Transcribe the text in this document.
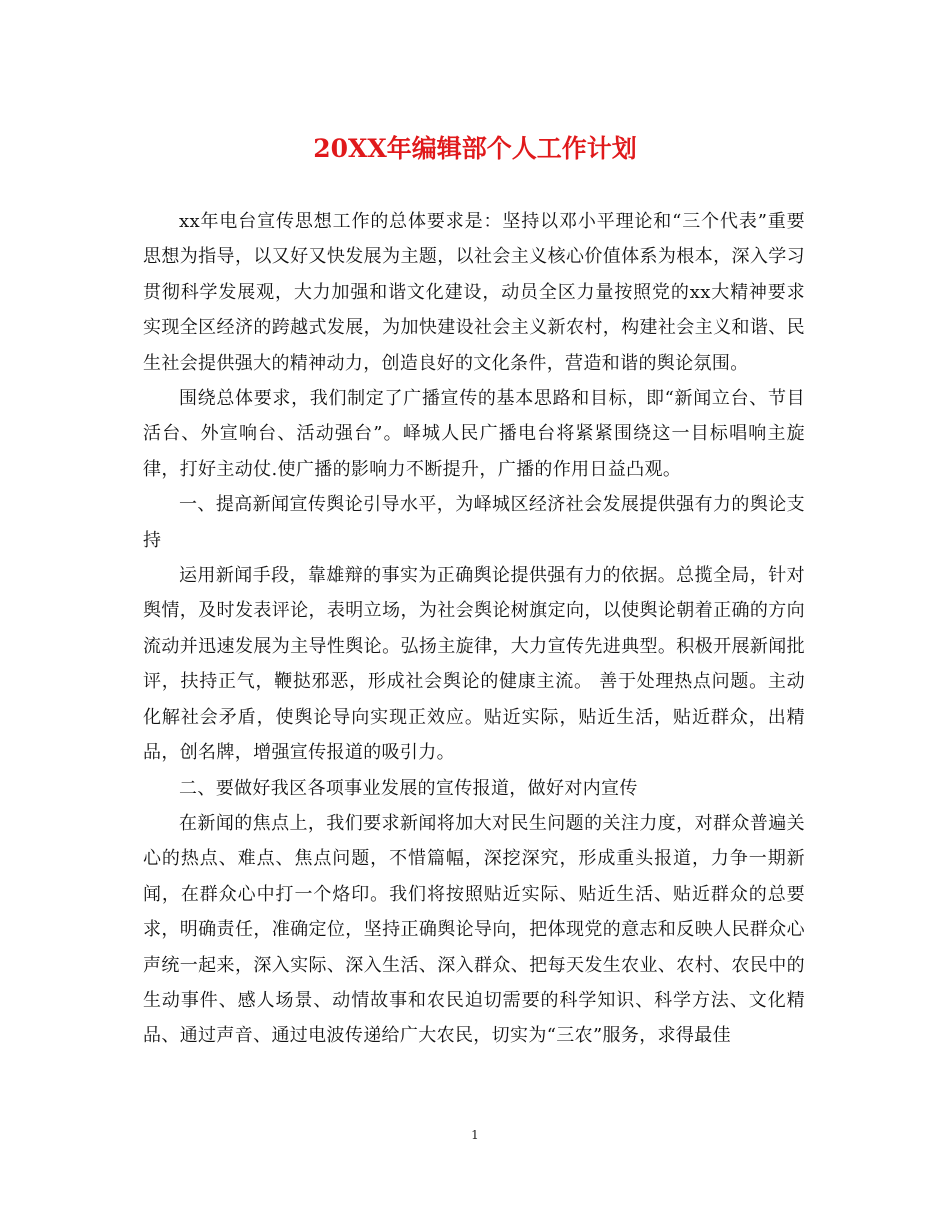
20XX年编辑部个人工作计划

xx年电台宣传思想工作的总体要求是：坚持以邓小平理论和“三个代表”重要思想为指导，以又好又快发展为主题，以社会主义核心价值体系为根本，深入学习贯彻科学发展观，大力加强和谐文化建设，动员全区力量按照党的xx大精神要求实现全区经济的跨越式发展，为加快建设社会主义新农村，构建社会主义和谐、民生社会提供强大的精神动力，创造良好的文化条件，营造和谐的舆论氛围。

围绕总体要求，我们制定了广播宣传的基本思路和目标，即“新闻立台、节目活台、外宣响台、活动强台”。峄城人民广播电台将紧紧围绕这一目标唱响主旋律，打好主动仗.使广播的影响力不断提升，广播的作用日益凸观。

一、提高新闻宣传舆论引导水平，为峄城区经济社会发展提供强有力的舆论支持

运用新闻手段，靠雄辩的事实为正确舆论提供强有力的依据。总揽全局，针对舆情，及时发表评论，表明立场，为社会舆论树旗定向，以使舆论朝着正确的方向流动并迅速发展为主导性舆论。弘扬主旋律，大力宣传先进典型。积极开展新闻批评，扶持正气，鞭挞邪恶，形成社会舆论的健康主流。 善于处理热点问题。主动化解社会矛盾，使舆论导向实现正效应。贴近实际，贴近生活，贴近群众，出精品，创名牌，增强宣传报道的吸引力。

二、要做好我区各项事业发展的宣传报道，做好对内宣传

在新闻的焦点上，我们要求新闻将加大对民生问题的关注力度，对群众普遍关心的热点、难点、焦点问题，不惜篇幅，深挖深究，形成重头报道，力争一期新闻，在群众心中打一个烙印。我们将按照贴近实际、贴近生活、贴近群众的总要求，明确责任，准确定位，坚持正确舆论导向，把体现党的意志和反映人民群众心声统一起来，深入实际、深入生活、深入群众、把每天发生农业、农村、农民中的生动事件、感人场景、动情故事和农民迫切需要的科学知识、科学方法、文化精品、通过声音、通过电波传递给广大农民，切实为“三农”服务，求得最佳

1
